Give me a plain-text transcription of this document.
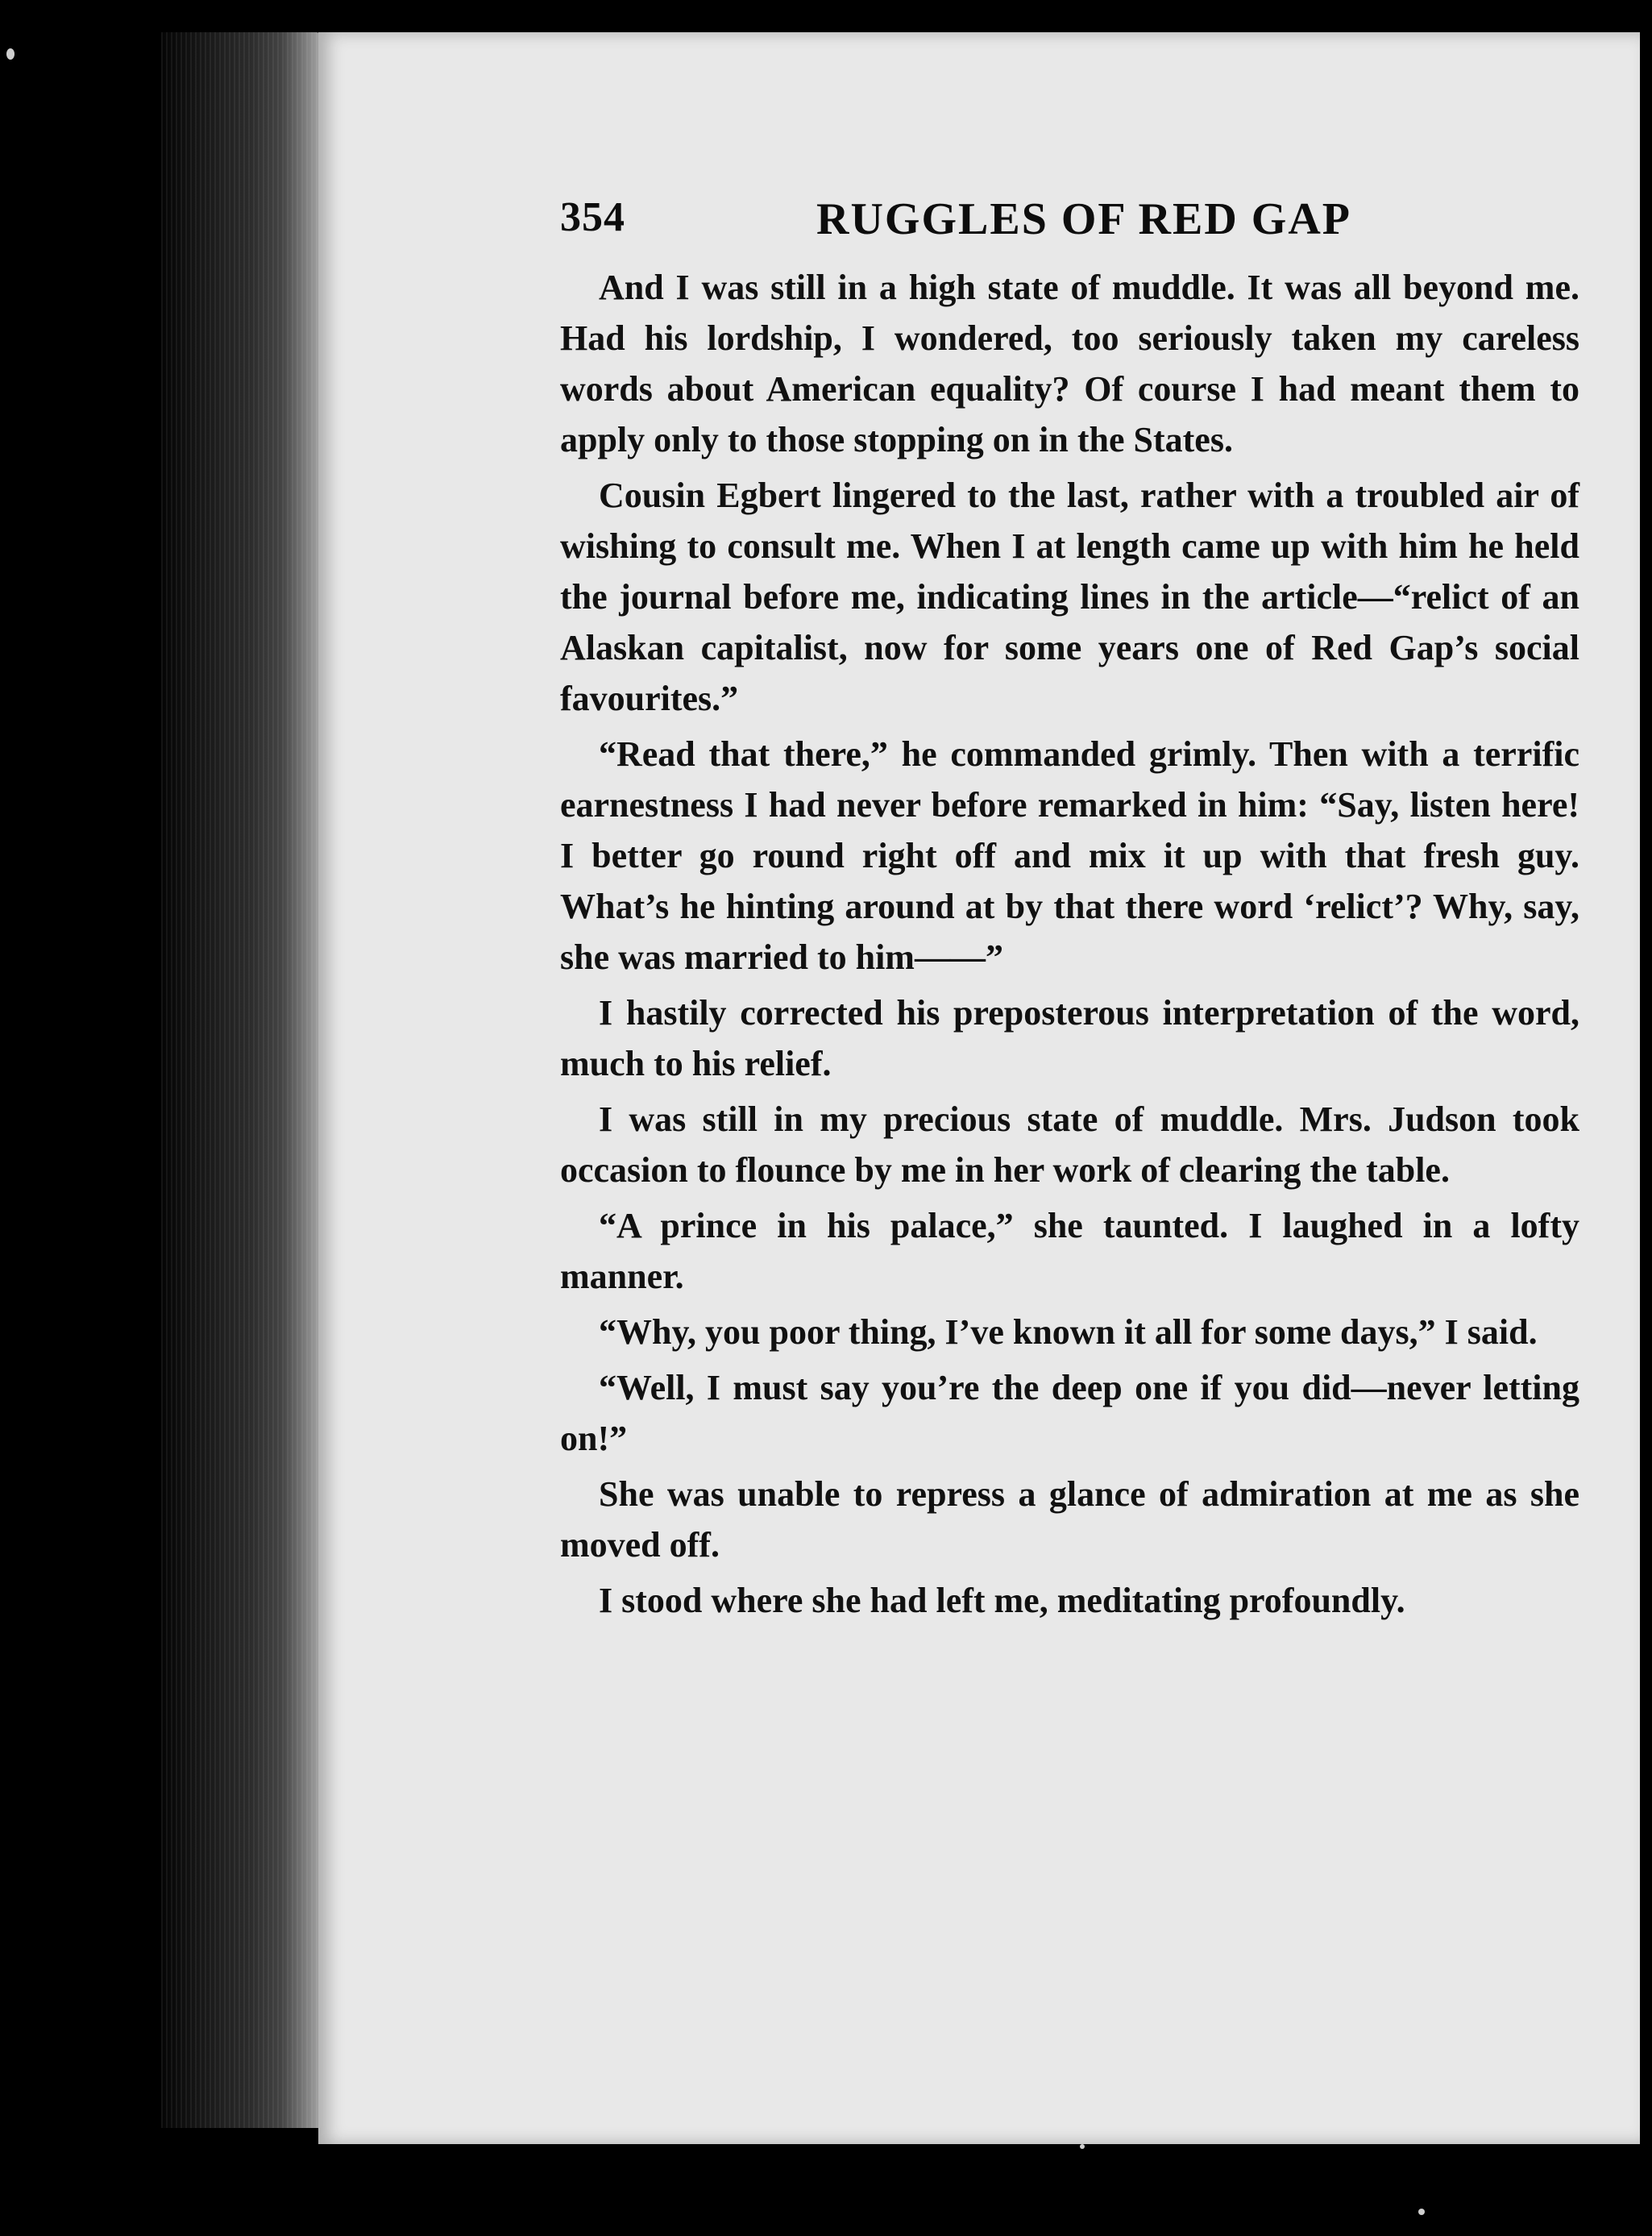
354	RUGGLES OF RED GAP

And I was still in a high state of muddle. It was all beyond me. Had his lordship, I wondered, too seriously taken my careless words about American equality? Of course I had meant them to apply only to those stopping on in the States.

Cousin Egbert lingered to the last, rather with a troubled air of wishing to consult me. When I at length came up with him he held the journal before me, indicating lines in the article—“relict of an Alaskan capitalist, now for some years one of Red Gap’s social favourites.”

“Read that there,” he commanded grimly. Then with a terrific earnestness I had never before remarked in him: “Say, listen here! I better go round right off and mix it up with that fresh guy. What’s he hinting around at by that there word ‘relict’? Why, say, she was married to him——”

I hastily corrected his preposterous interpretation of the word, much to his relief.

I was still in my precious state of muddle. Mrs. Judson took occasion to flounce by me in her work of clearing the table.

“A prince in his palace,” she taunted. I laughed in a lofty manner.

“Why, you poor thing, I’ve known it all for some days,” I said.

“Well, I must say you’re the deep one if you did—never letting on!”

She was unable to repress a glance of admiration at me as she moved off.

I stood where she had left me, meditating profoundly.
